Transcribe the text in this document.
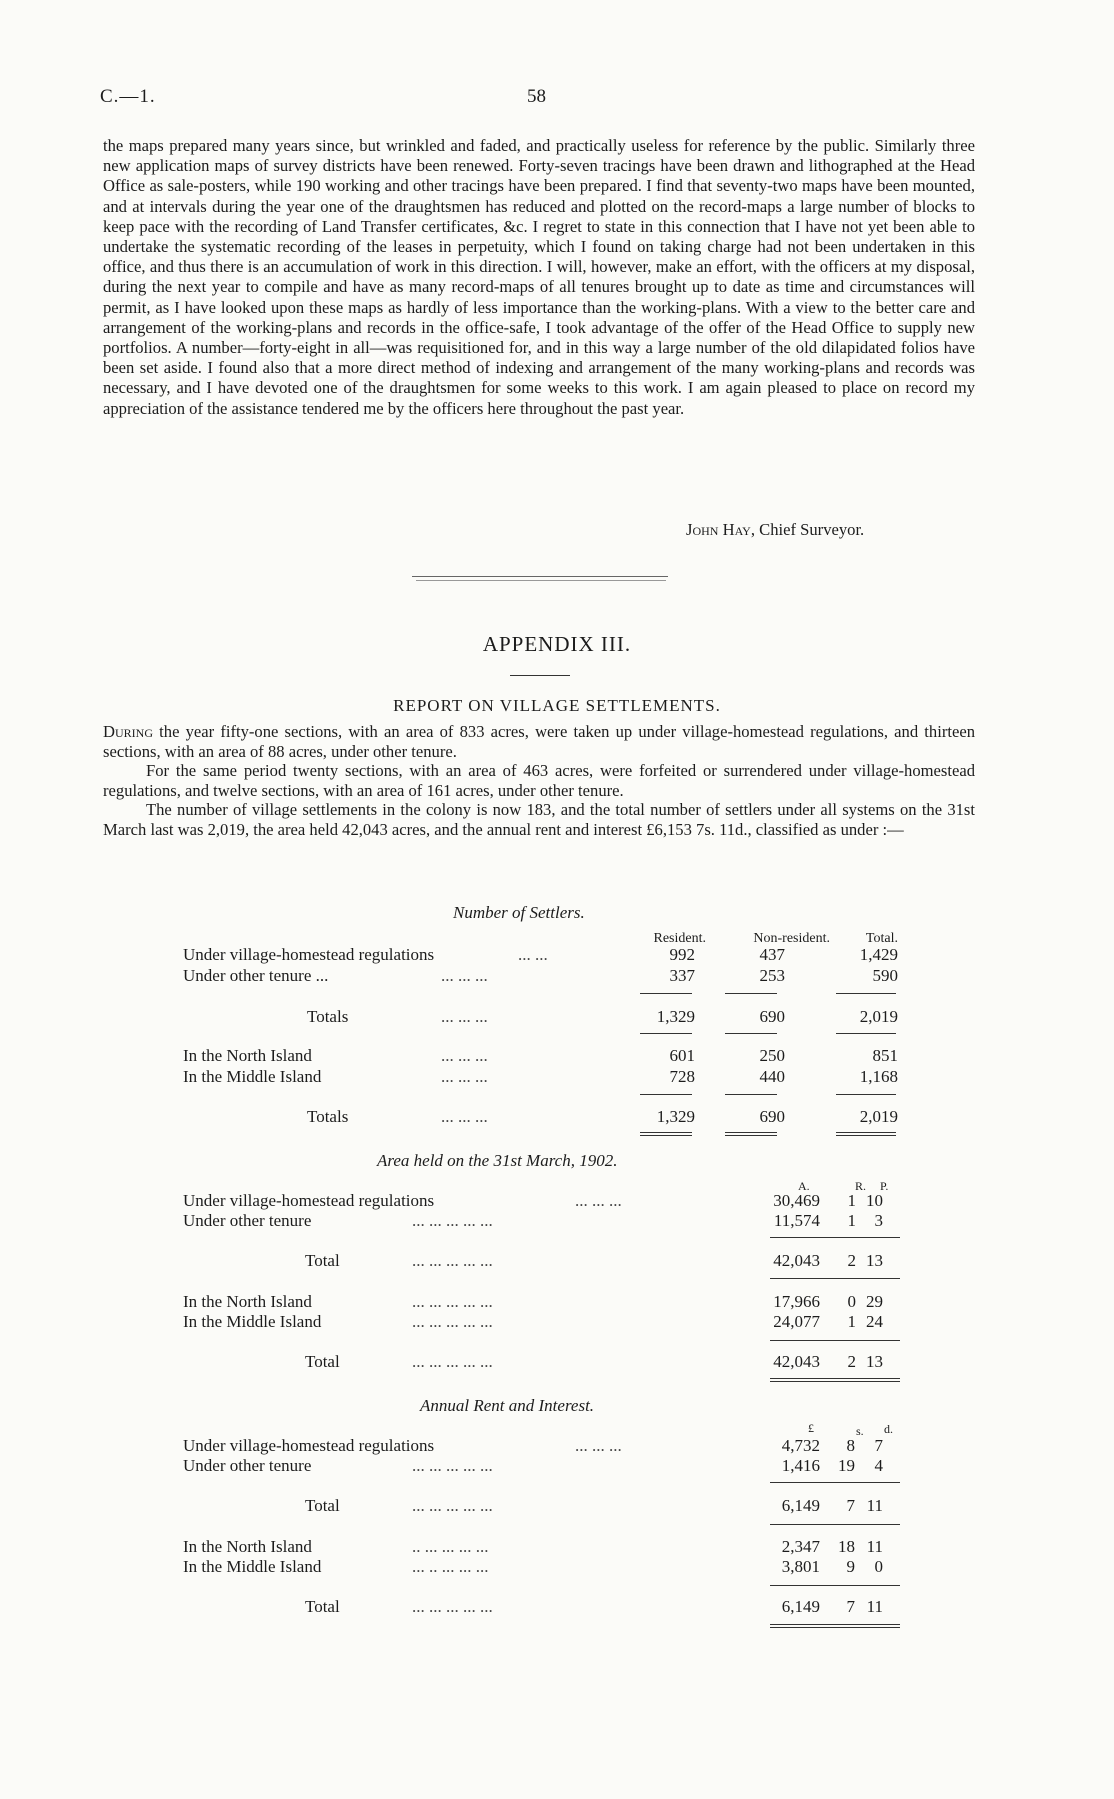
C.—1.	58

the maps prepared many years since, but wrinkled and faded, and practically useless for reference by the public. Similarly three new application maps of survey districts have been renewed. Forty-seven tracings have been drawn and lithographed at the Head Office as sale-posters, while 190 working and other tracings have been prepared. I find that seventy-two maps have been mounted, and at intervals during the year one of the draughtsmen has reduced and plotted on the record-maps a large number of blocks to keep pace with the recording of Land Transfer certificates, &c. I regret to state in this connection that I have not yet been able to undertake the systematic recording of the leases in perpetuity, which I found on taking charge had not been undertaken in this office, and thus there is an accumulation of work in this direction. I will, however, make an effort, with the officers at my disposal, during the next year to compile and have as many record-maps of all tenures brought up to date as time and circumstances will permit, as I have looked upon these maps as hardly of less importance than the working-plans. With a view to the better care and arrangement of the working-plans and records in the office-safe, I took advantage of the offer of the Head Office to supply new portfolios. A number—forty-eight in all—was requisitioned for, and in this way a large number of the old dilapidated folios have been set aside. I found also that a more direct method of indexing and arrangement of the many working-plans and records was necessary, and I have devoted one of the draughtsmen for some weeks to this work. I am again pleased to place on record my appreciation of the assistance tendered me by the officers here throughout the past year.

John Hay, Chief Surveyor.
APPENDIX III.
REPORT ON VILLAGE SETTLEMENTS.

During the year fifty-one sections, with an area of 833 acres, were taken up under village-homestead regulations, and thirteen sections, with an area of 88 acres, under other tenure.

For the same period twenty sections, with an area of 463 acres, were forfeited or surrendered under village-homestead regulations, and twelve sections, with an area of 161 acres, under other tenure.

The number of village settlements in the colony is now 183, and the total number of settlers under all systems on the 31st March last was 2,019, the area held 42,043 acres, and the annual rent and interest £6,153 7s. 11d., classified as under :—

Number of Settlers.
Resident.	Non-resident.	Total.
Under village-homestead regulations	... ...	992	437	1,429
Under other tenure ...	... ... ...	337	253	590
Totals	... ... ...	1,329	690	2,019
In the North Island	... ... ...	601	250	851
In the Middle Island	... ... ...	728	440	1,168
Totals	... ... ...	1,329	690	2,019
Area held on the 31st March, 1902.
A.	R. P.
Under village-homestead regulations	... ... ...	30,469	1 10
Under other tenure	... ... ... ... ...	11,574	1	3
Total	... ... ... ... ...	42,043	2 13
In the North Island	... ... ... ... ...	17,966	0 29
In the Middle Island	... ... ... ... ...	24,077	1 24
Total	... ... ... ... ...	42,043	2 13
Annual Rent and Interest.
£	s. d.
Under village-homestead regulations	... ... ...	4,732	8	7
Under other tenure	... ... ... ... ...	1,416	19	4
Total	... ... ... ... ...	6,149	7 11
In the North Island	.. ... ... ... ...	2,347	18 11
In the Middle Island	... .. ... ... ...	3,801	9	0
Total	... ... ... ... ...	6,149	7 11
